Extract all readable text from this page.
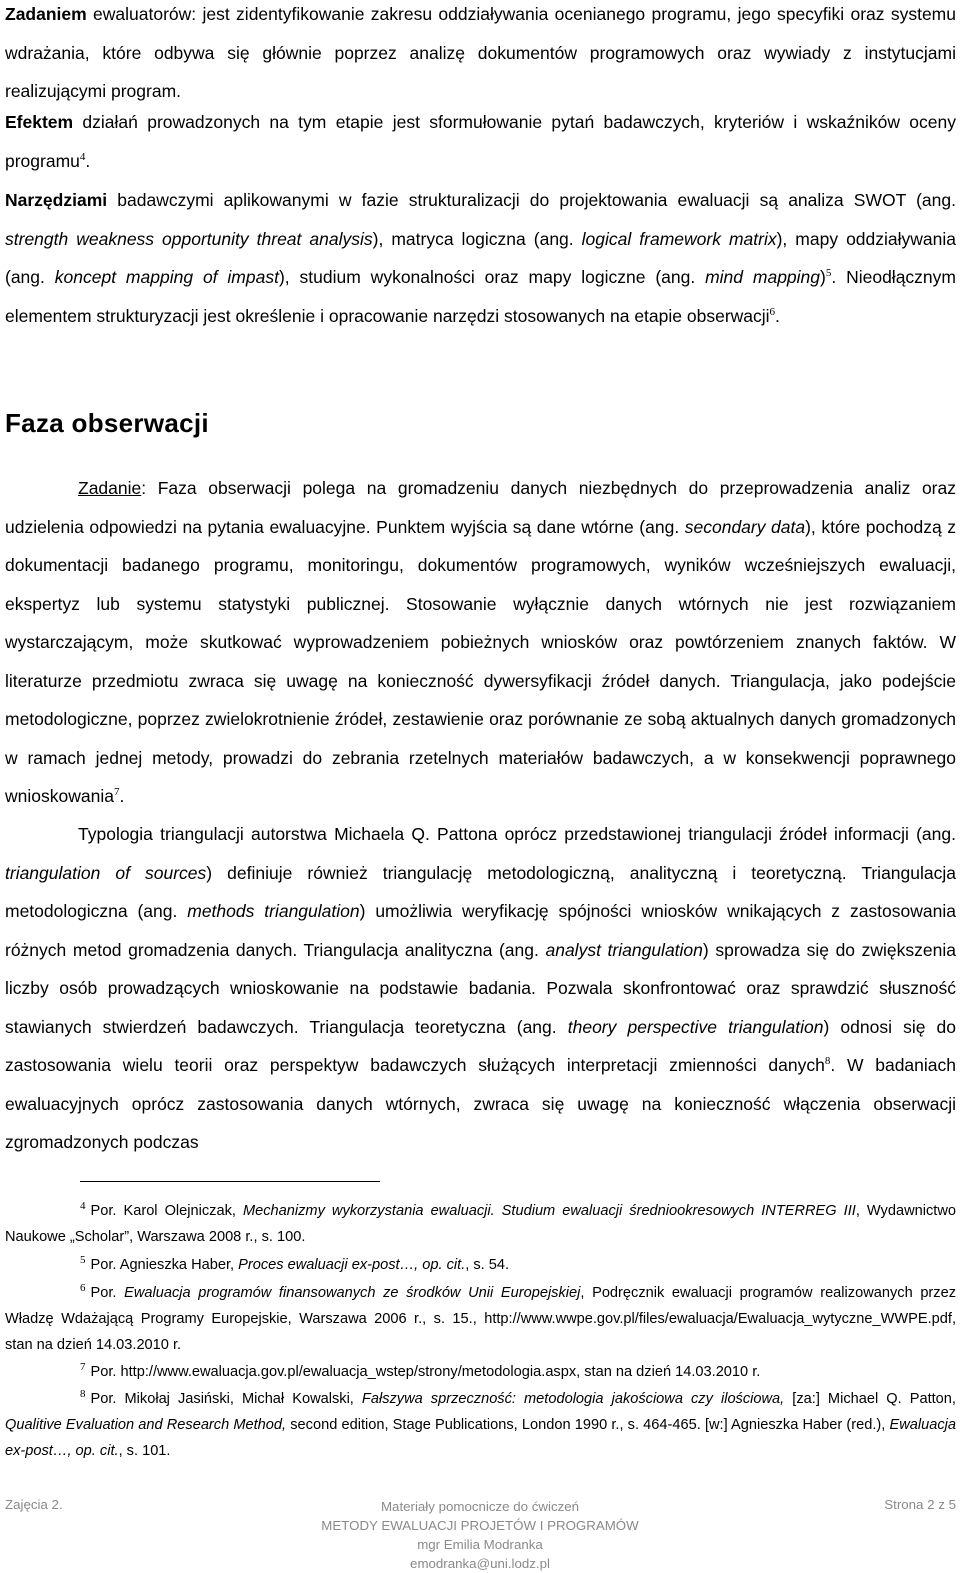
Zadaniem ewaluatorów: jest zidentyfikowanie zakresu oddziaływania ocenianego programu, jego specyfiki oraz systemu wdrażania, które odbywa się głównie poprzez analizę dokumentów programowych oraz wywiady z instytucjami realizującymi program.

Efektem działań prowadzonych na tym etapie jest sformułowanie pytań badawczych, kryteriów i wskaźników oceny programu$^4$.

Narzędziami badawczymi aplikowanymi w fazie strukturalizacji do projektowania ewaluacji są analiza SWOT (ang. strength weakness opportunity threat analysis), matryca logiczna (ang. logical framework matrix), mapy oddziaływania (ang. koncept mapping of impast), studium wykonalności oraz mapy logiczne (ang. mind mapping)$^5$. Nieodłącznym elementem strukturyzacji jest określenie i opracowanie narzędzi stosowanych na etapie obserwacji$^6$.

Faza obserwacji

Zadanie: Faza obserwacji polega na gromadzeniu danych niezbędnych do przeprowadzenia analiz oraz udzielenia odpowiedzi na pytania ewaluacyjne. Punktem wyjścia są dane wtórne (ang. secondary data), które pochodzą z dokumentacji badanego programu, monitoringu, dokumentów programowych, wyników wcześniejszych ewaluacji, ekspertyz lub systemu statystyki publicznej. Stosowanie wyłącznie danych wtórnych nie jest rozwiązaniem wystarczającym, może skutkować wyprowadzeniem pobieżnych wniosków oraz powtórzeniem znanych faktów. W literaturze przedmiotu zwraca się uwagę na konieczność dywersyfikacji źródeł danych. Triangulacja, jako podejście metodologiczne, poprzez zwielokrotnienie źródeł, zestawienie oraz porównanie ze sobą aktualnych danych gromadzonych w ramach jednej metody, prowadzi do zebrania rzetelnych materiałów badawczych, a w konsekwencji poprawnego wnioskowania$^7$.

Typologia triangulacji autorstwa Michaela Q. Pattona oprócz przedstawionej triangulacji źródeł informacji (ang. triangulation of sources) definiuje również triangulację metodologiczną, analityczną i teoretyczną. Triangulacja metodologiczna (ang. methods triangulation) umożliwia weryfikację spójności wniosków wnikających z zastosowania różnych metod gromadzenia danych. Triangulacja analityczna (ang. analyst triangulation) sprowadza się do zwiększenia liczby osób prowadzących wnioskowanie na podstawie badania. Pozwala skonfrontować oraz sprawdzić słuszność stawianych stwierdzeń badawczych. Triangulacja teoretyczna (ang. theory perspective triangulation) odnosi się do zastosowania wielu teorii oraz perspektyw badawczych służących interpretacji zmienności danych$^8$. W badaniach ewaluacyjnych oprócz zastosowania danych wtórnych, zwraca się uwagę na konieczność włączenia obserwacji zgromadzonych podczas

$^4$ Por. Karol Olejniczak, Mechanizmy wykorzystania ewaluacji. Studium ewaluacji średniookresowych INTERREG III, Wydawnictwo Naukowe „Scholar”, Warszawa 2008 r., s. 100.

$^5$ Por. Agnieszka Haber, Proces ewaluacji ex-post…, op. cit., s. 54.

$^6$ Por. Ewaluacja programów finansowanych ze środków Unii Europejskiej, Podręcznik ewaluacji programów realizowanych przez Władzę Wdażającą Programy Europejskie, Warszawa 2006 r., s. 15., http://www.wwpe.gov.pl/files/ewaluacja/Ewaluacja_wytyczne_WWPE.pdf, stan na dzień 14.03.2010 r.

$^7$ Por. http://www.ewaluacja.gov.pl/ewaluacja_wstep/strony/metodologia.aspx, stan na dzień 14.03.2010 r.

$^8$ Por. Mikołaj Jasiński, Michał Kowalski, Fałszywa sprzeczność: metodologia jakościowa czy ilościowa, [za:] Michael Q. Patton, Qualitive Evaluation and Research Method, second edition, Stage Publications, London 1990 r., s. 464-465. [w:] Agnieszka Haber (red.), Ewaluacja ex-post…, op. cit., s. 101.

Zajęcia 2.	Materiały pomocnicze do ćwiczeń
METODY EWALUACJI PROJETÓW I PROGRAMÓW
mgr Emilia Modranka
emodranka@uni.lodz.pl
Strona 2 z 5
